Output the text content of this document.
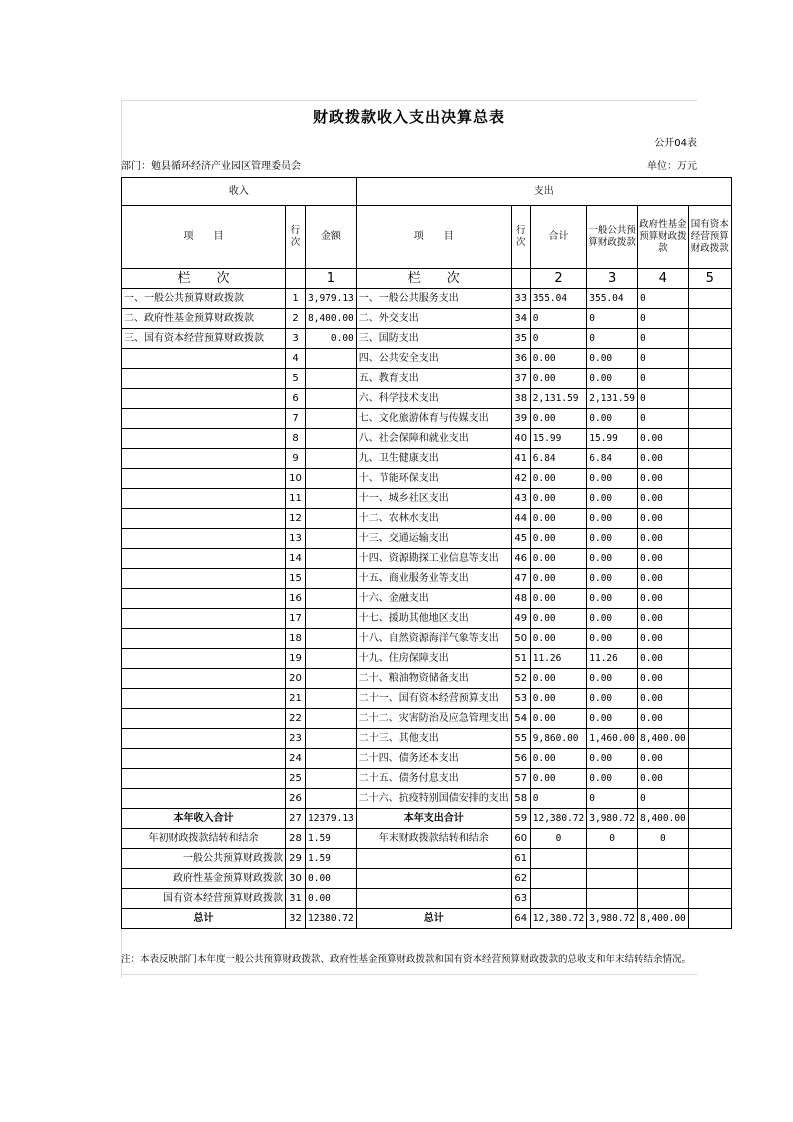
财政拨款收入支出决算总表
公开04表
部门：勉县循环经济产业园区管理委员会	单位：万元
收入			支出					
项　　目	行次	金额	项　　目	行次	合计	一般公共预算财政拨款	政府性基金预算财政拨款	国有资本经营预算财政拨款
栏　　次		1	栏　　次		2	3	4	5
一、一般公共预算财政拨款	1	3,979.13	一、一般公共服务支出	33	355.04	355.04	0	
二、政府性基金预算财政拨款	2	8,400.00	二、外交支出	34	0	0	0	
三、国有资本经营预算财政拨款	3	0.00	三、国防支出	35	0	0	0	
	4		四、公共安全支出	36	0.00	0.00	0	
	5		五、教育支出	37	0.00	0.00	0	
	6		六、科学技术支出	38	2,131.59	2,131.59	0	
	7		七、文化旅游体育与传媒支出	39	0.00	0.00	0	
	8		八、社会保障和就业支出	40	15.99	15.99	0.00	
	9		九、卫生健康支出	41	6.84	6.84	0.00	
	10		十、节能环保支出	42	0.00	0.00	0.00	
	11		十一、城乡社区支出	43	0.00	0.00	0.00	
	12		十二、农林水支出	44	0.00	0.00	0.00	
	13		十三、交通运输支出	45	0.00	0.00	0.00	
	14		十四、资源勘探工业信息等支出	46	0.00	0.00	0.00	
	15		十五、商业服务业等支出	47	0.00	0.00	0.00	
	16		十六、金融支出	48	0.00	0.00	0.00	
	17		十七、援助其他地区支出	49	0.00	0.00	0.00	
	18		十八、自然资源海洋气象等支出	50	0.00	0.00	0.00	
	19		十九、住房保障支出	51	11.26	11.26	0.00	
	20		二十、粮油物资储备支出	52	0.00	0.00	0.00	
	21		二十一、国有资本经营预算支出	53	0.00	0.00	0.00	
	22		二十二、灾害防治及应急管理支出	54	0.00	0.00	0.00	
	23		二十三、其他支出	55	9,860.00	1,460.00	8,400.00	
	24		二十四、债务还本支出	56	0.00	0.00	0.00	
	25		二十五、债务付息支出	57	0.00	0.00	0.00	
	26		二十六、抗疫特别国债安排的支出	58	0	0	0	
本年收入合计	27	12379.13	本年支出合计	59	12,380.72	3,980.72	8,400.00	
年初财政拨款结转和结余	28	1.59	年末财政拨款结转和结余	60	0	0	0	
一般公共预算财政拨款	29	1.59		61				
政府性基金预算财政拨款	30	0.00		62				
国有资本经营预算财政拨款	31	0.00		63				
总计	32	12380.72	总计	64	12,380.72	3,980.72	8,400.00	
注：本表反映部门本年度一般公共预算财政拨款、政府性基金预算财政拨款和国有资本经营预算财政拨款的总收支和年末结转结余情况。
